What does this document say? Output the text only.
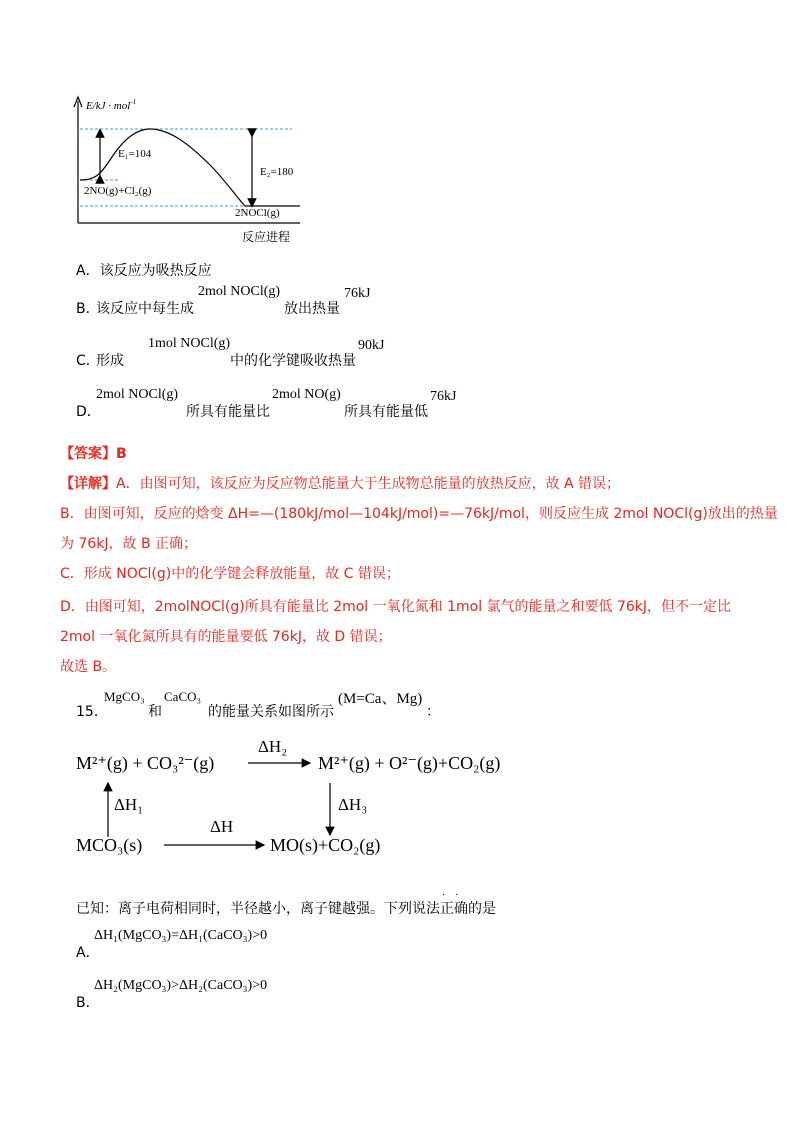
E/kJ · mol$^{-1}$
E₁=104
E₂=180
2NO(g)+Cl₂(g)
2NOCl(g)
反应进程
A．该反应为吸热反应
B．
该反应中每生成
2mol NOCl(g)
放出热量
76kJ
C．
形成
1mol NOCl(g)
中的化学键吸收热量
90kJ
D．
2mol NOCl(g)
所具有能量比
2mol NO(g)
所具有能量低
76kJ
【答案】B
【详解】A．由图可知，该反应为反应物总能量大于生成物总能量的放热反应，故 A 错误；
B．由图可知，反应的焓变 ΔH=—(180kJ/mol—104kJ/mol)=—76kJ/mol，则反应生成 2mol NOCl(g)放出的热量
为 76kJ，故 B 正确；
C．形成 NOCl(g)中的化学键会释放能量，故 C 错误；
D．由图可知，2molNOCl(g)所具有能量比 2mol 一氧化氮和 1mol 氯气的能量之和要低 76kJ，但不一定比
2mol 一氧化氮所具有的能量要低 76kJ，故 D 错误；
故选 B。
15．
MgCO₃
和
CaCO₃
的能量关系如图所示
(M=Ca、Mg)
：
M²⁺(g) + CO₃²⁻(g)
ΔH₂
M²⁺(g) + O²⁻(g)+CO₂(g)
ΔH₁	ΔH₃
ΔH
MCO₃(s)	MO(s)+CO₂(g)
已知：离子电荷相同时，半径越小，离子键越强。下列说法正确的是
··
A．
ΔH₁(MgCO₃)=ΔH₁(CaCO₃)>0
B．
ΔH₂(MgCO₃)>ΔH₂(CaCO₃)>0
